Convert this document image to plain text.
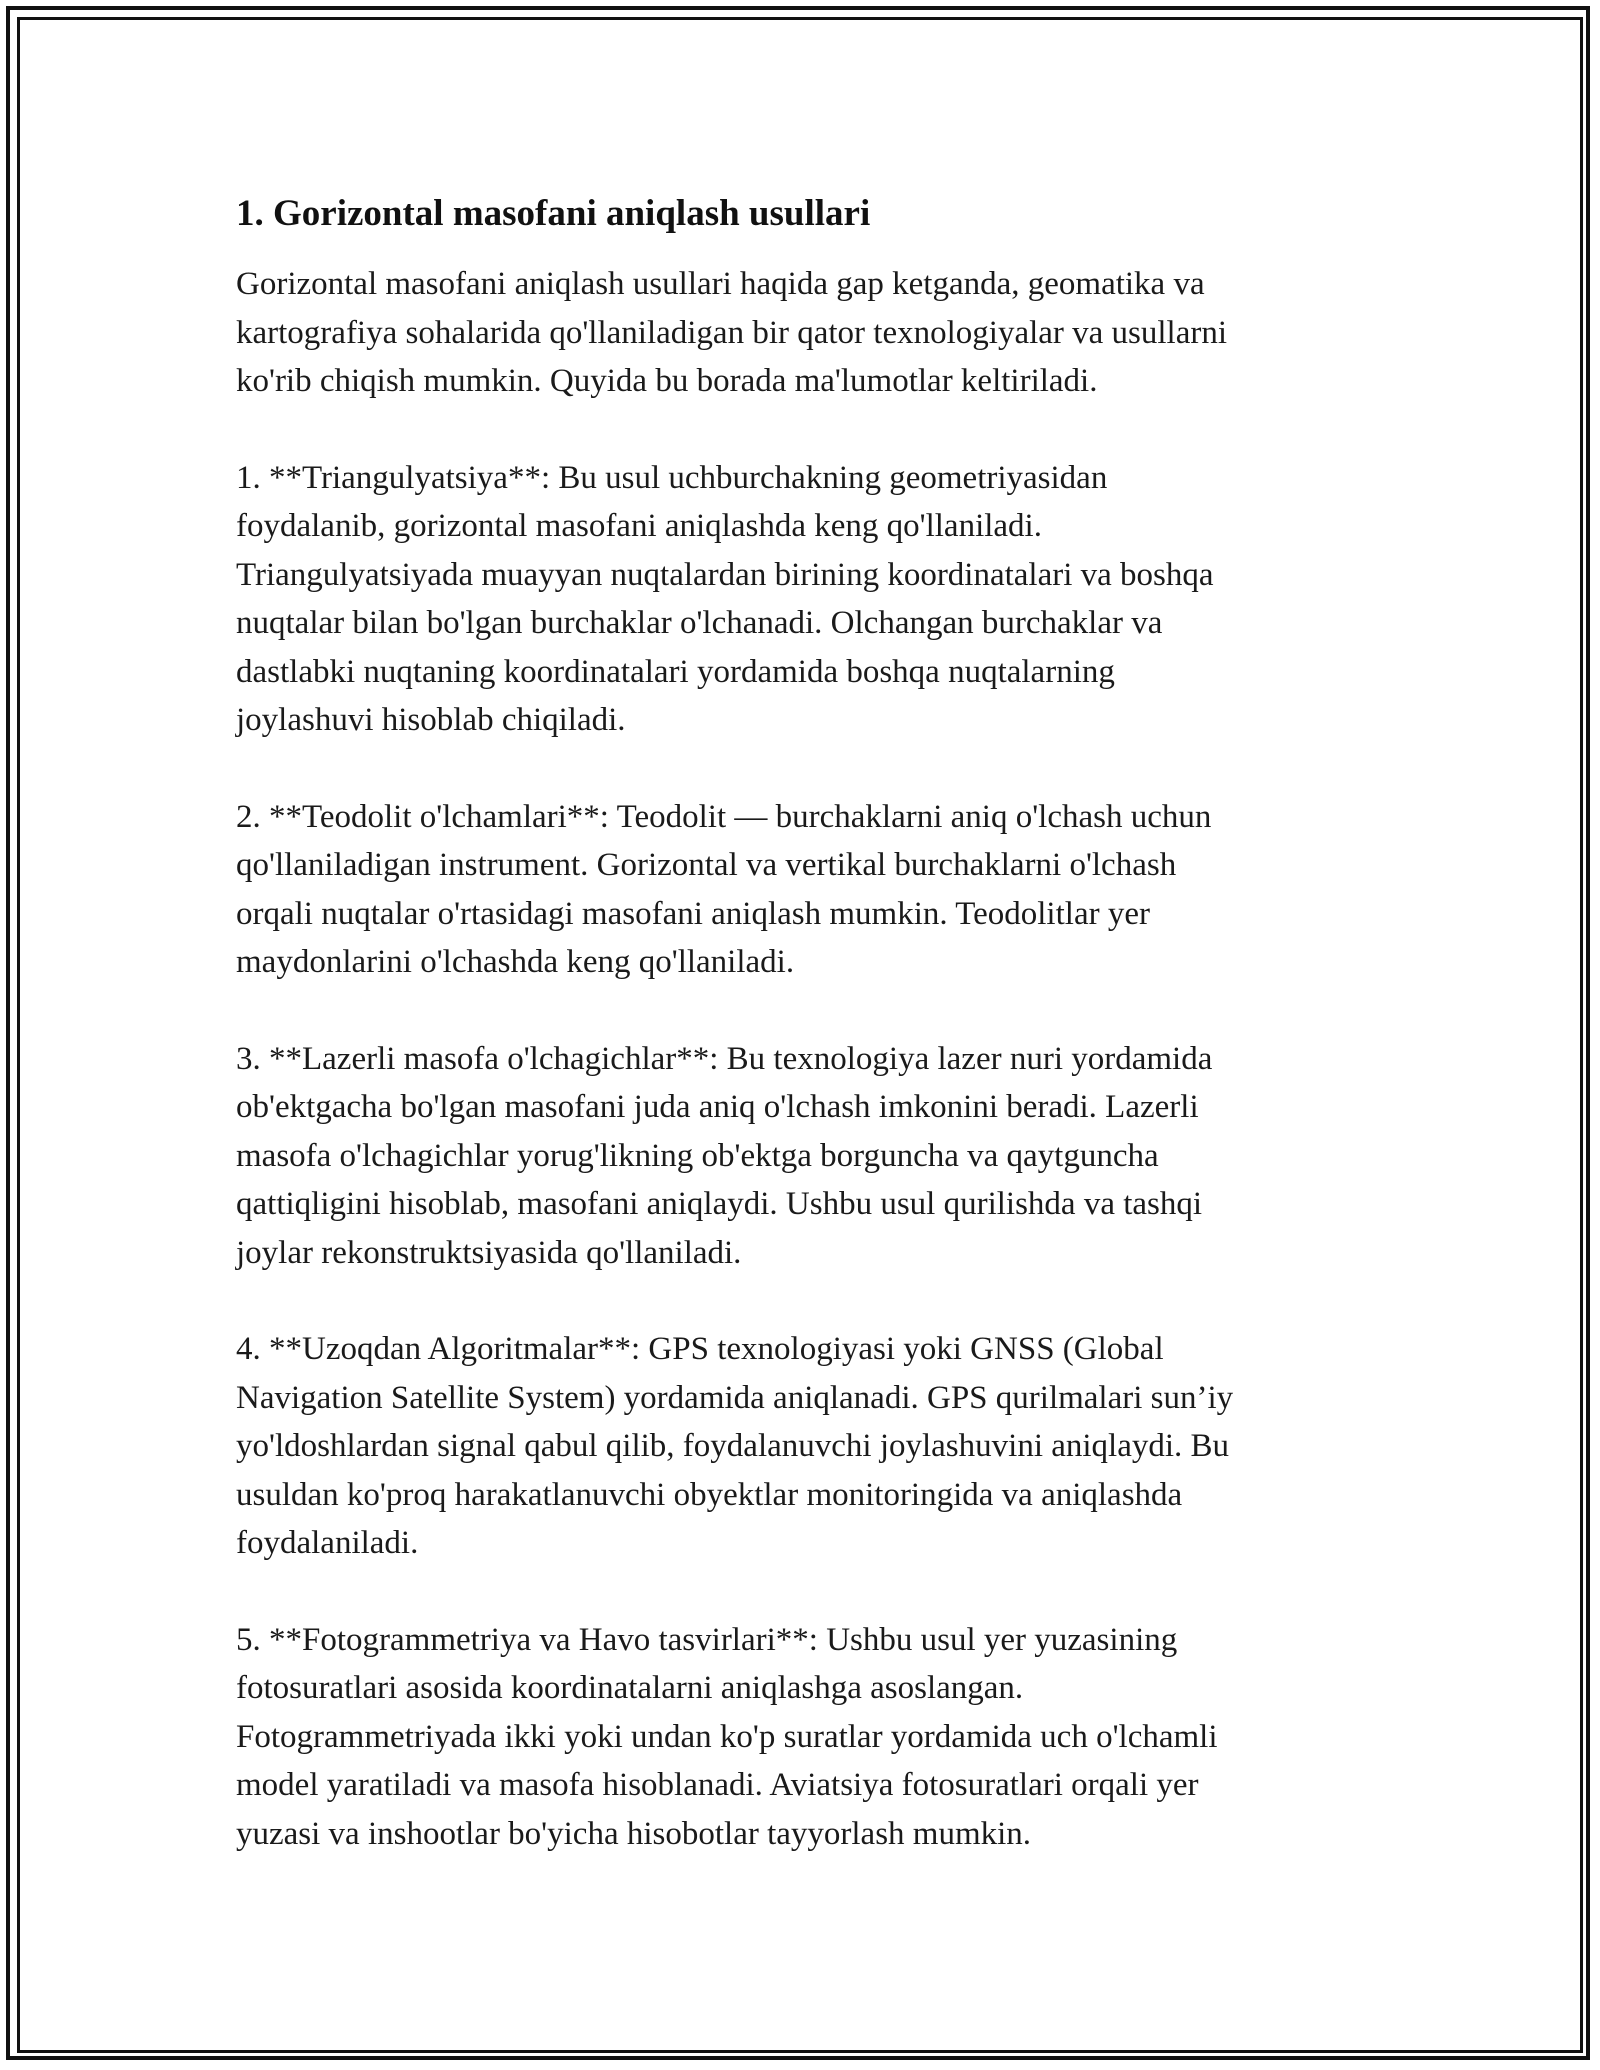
1. Gorizontal masofani aniqlash usullari

Gorizontal masofani aniqlash usullari haqida gap ketganda, geomatika va
kartografiya sohalarida qo'llaniladigan bir qator texnologiyalar va usullarni
ko'rib chiqish mumkin. Quyida bu borada ma'lumotlar keltiriladi.

1. **Triangulyatsiya**: Bu usul uchburchakning geometriyasidan
foydalanib, gorizontal masofani aniqlashda keng qo'llaniladi.
Triangulyatsiyada muayyan nuqtalardan birining koordinatalari va boshqa
nuqtalar bilan bo'lgan burchaklar o'lchanadi. Olchangan burchaklar va
dastlabki nuqtaning koordinatalari yordamida boshqa nuqtalarning
joylashuvi hisoblab chiqiladi.

2. **Teodolit o'lchamlari**: Teodolit — burchaklarni aniq o'lchash uchun
qo'llaniladigan instrument. Gorizontal va vertikal burchaklarni o'lchash
orqali nuqtalar o'rtasidagi masofani aniqlash mumkin. Teodolitlar yer
maydonlarini o'lchashda keng qo'llaniladi.

3. **Lazerli masofa o'lchagichlar**: Bu texnologiya lazer nuri yordamida
ob'ektgacha bo'lgan masofani juda aniq o'lchash imkonini beradi. Lazerli
masofa o'lchagichlar yorug'likning ob'ektga borguncha va qaytguncha
qattiqligini hisoblab, masofani aniqlaydi. Ushbu usul qurilishda va tashqi
joylar rekonstruktsiyasida qo'llaniladi.

4. **Uzoqdan Algoritmalar**: GPS texnologiyasi yoki GNSS (Global
Navigation Satellite System) yordamida aniqlanadi. GPS qurilmalari sun’iy
yo'ldoshlardan signal qabul qilib, foydalanuvchi joylashuvini aniqlaydi. Bu
usuldan ko'proq harakatlanuvchi obyektlar monitoringida va aniqlashda
foydalaniladi.

5. **Fotogrammetriya va Havo tasvirlari**: Ushbu usul yer yuzasining
fotosuratlari asosida koordinatalarni aniqlashga asoslangan.
Fotogrammetriyada ikki yoki undan ko'p suratlar yordamida uch o'lchamli
model yaratiladi va masofa hisoblanadi. Aviatsiya fotosuratlari orqali yer
yuzasi va inshootlar bo'yicha hisobotlar tayyorlash mumkin.
